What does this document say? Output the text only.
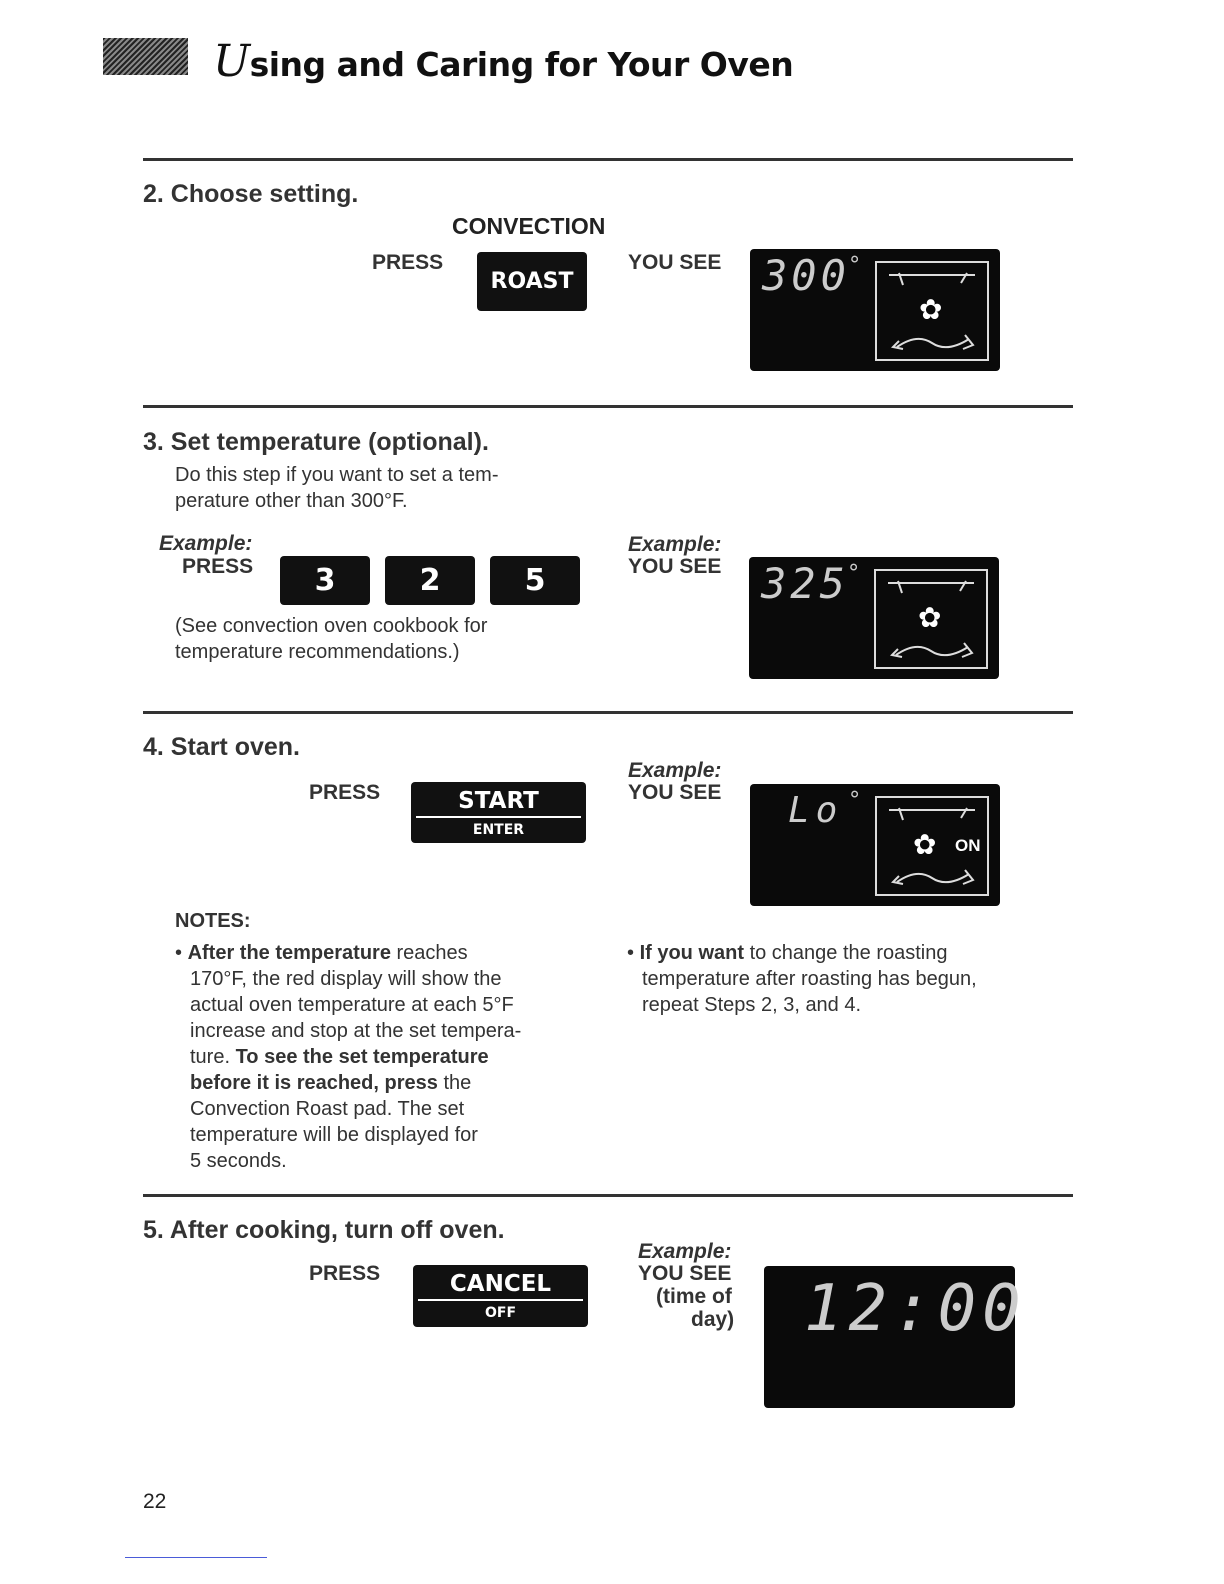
Using and Caring for Your Oven
2. Choose setting.
CONVECTION
PRESS
ROAST
YOU SEE 300
°
✿
3. Set temperature (optional).
Do this step if you want to set a tem-
perature other than 300°F.
Example:
PRESS	3	2	5
(See convection oven cookbook for
temperature recommendations.)
Example:
YOU SEE 325
°
✿
4. Start oven.
PRESS	START
ENTER
Example:
YOU SEE Lo °
✿ ON
NOTES:
• After the temperature reaches
170°F, the red display will show the
actual oven temperature at each 5°F
increase and stop at the set tempera-
ture. To see the set temperature
before it is reached, press the
Convection Roast pad. The set
temperature will be displayed for
5 seconds.
• If you want to change the roasting
temperature after roasting has begun,
repeat Steps 2, 3, and 4.
5. After cooking, turn off oven.
PRESS	CANCEL
OFF
Example:
YOU SEE
(time of
day) 12:00
22
